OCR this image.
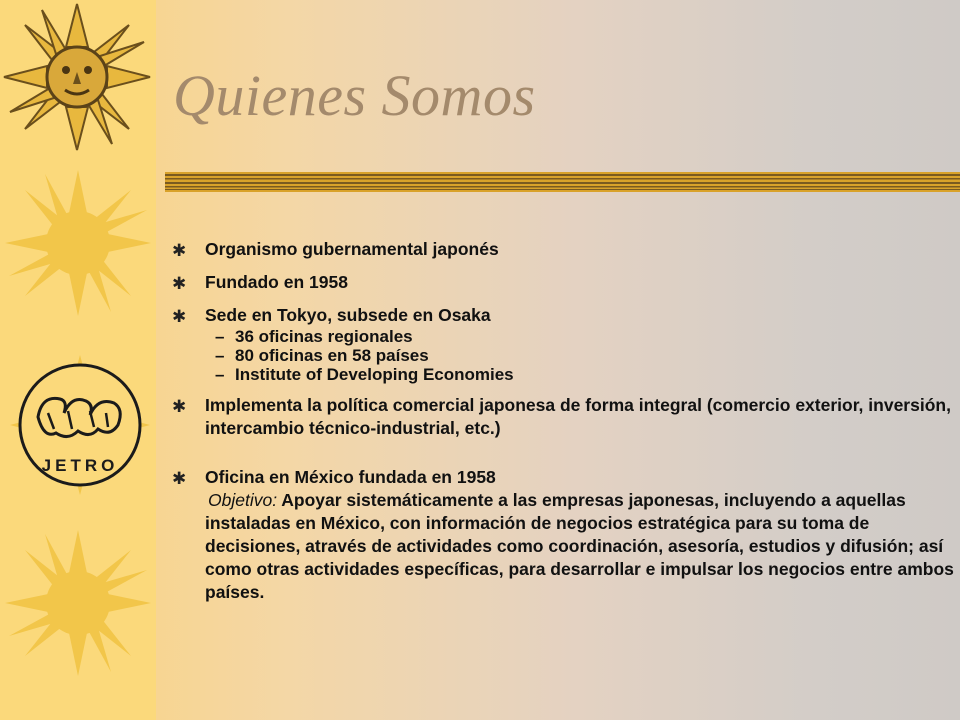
JETRO
Quienes Somos
✱ Organismo gubernamental japonés
✱ Fundado en 1958
✱ Sede en Tokyo, subsede en Osaka
– 36 oficinas regionales
– 80 oficinas en 58 países
– Institute of Developing Economies
✱ Implementa la política comercial japonesa de forma integral (comercio exterior, inversión, intercambio técnico-industrial, etc.)
✱ Oficina en México fundada en 1958
Objetivo: Apoyar sistemáticamente a las empresas japonesas, incluyendo a aquellas instaladas en México, con información de negocios estratégica para su toma de decisiones, através de actividades como coordinación, asesoría, estudios y difusión; así como otras actividades específicas, para desarrollar e impulsar los negocios entre ambos países.
